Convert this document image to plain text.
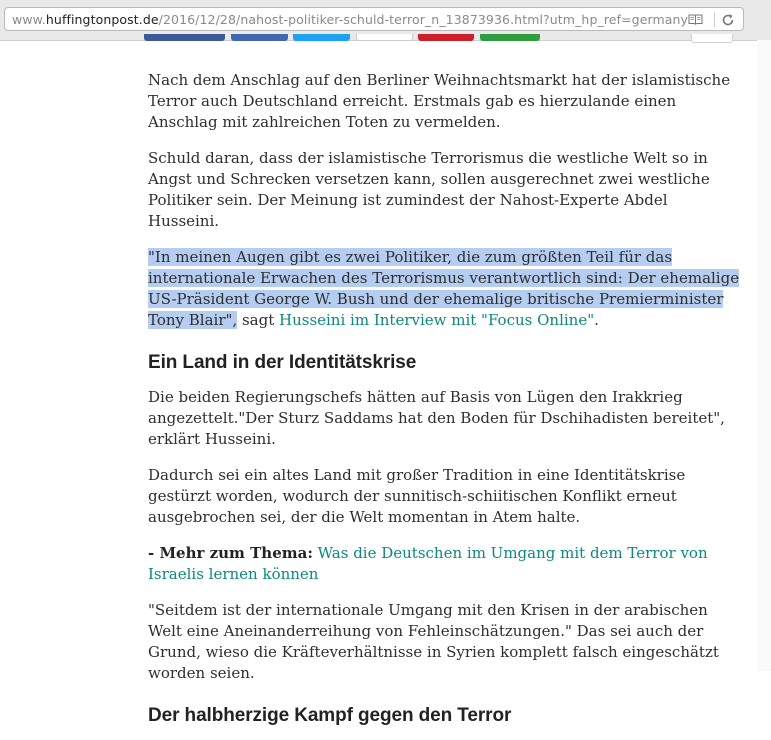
www.huffingtonpost.de/2016/12/28/nahost-politiker-schuld-terror_n_13873936.html?utm_hp_ref=germany

Nach dem Anschlag auf den Berliner Weihnachtsmarkt hat der islamistische Terror auch Deutschland erreicht. Erstmals gab es hierzulande einen Anschlag mit zahlreichen Toten zu vermelden.

Schuld daran, dass der islamistische Terrorismus die westliche Welt so in Angst und Schrecken versetzen kann, sollen ausgerechnet zwei westliche Politiker sein. Der Meinung ist zumindest der Nahost-Experte Abdel Husseini.

"In meinen Augen gibt es zwei Politiker, die zum größten Teil für das internationale Erwachen des Terrorismus verantwortlich sind: Der ehemalige US-Präsident George W. Bush und der ehemalige britische Premierminister Tony Blair", sagt Husseini im Interview mit "Focus Online".

Ein Land in der Identitätskrise

Die beiden Regierungschefs hätten auf Basis von Lügen den Irakkrieg angezettelt."Der Sturz Saddams hat den Boden für Dschihadisten bereitet", erklärt Husseini.

Dadurch sei ein altes Land mit großer Tradition in eine Identitätskrise gestürzt worden, wodurch der sunnitisch-schiitischen Konflikt erneut ausgebrochen sei, der die Welt momentan in Atem halte.

- Mehr zum Thema: Was die Deutschen im Umgang mit dem Terror von Israelis lernen können

"Seitdem ist der internationale Umgang mit den Krisen in der arabischen Welt eine Aneinanderreihung von Fehleinschätzungen." Das sei auch der Grund, wieso die Kräfteverhältnisse in Syrien komplett falsch eingeschätzt worden seien.

Der halbherzige Kampf gegen den Terror
